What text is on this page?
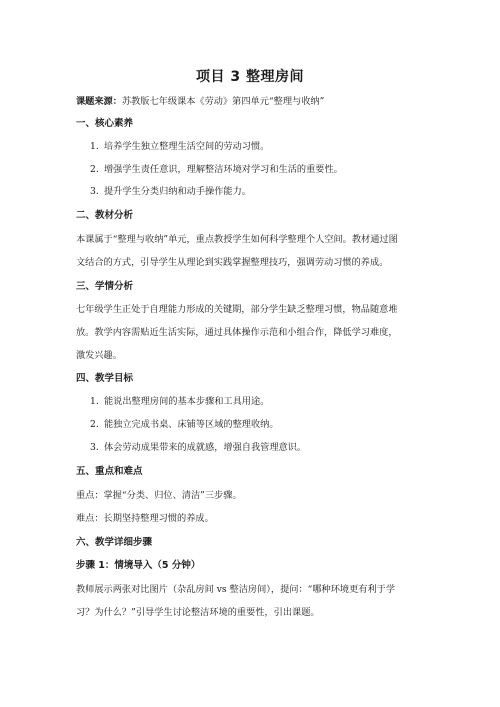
项目 3 整理房间
课题来源：苏教版七年级课本《劳动》第四单元“整理与收纳”
一、核心素养
1. 培养学生独立整理生活空间的劳动习惯。
2. 增强学生责任意识，理解整洁环境对学习和生活的重要性。
3. 提升学生分类归纳和动手操作能力。
二、教材分析
本课属于“整理与收纳”单元，重点教授学生如何科学整理个人空间。教材通过图
文结合的方式，引导学生从理论到实践掌握整理技巧，强调劳动习惯的养成。
三、学情分析
七年级学生正处于自理能力形成的关键期，部分学生缺乏整理习惯，物品随意堆
放。教学内容需贴近生活实际，通过具体操作示范和小组合作，降低学习难度，
激发兴趣。
四、教学目标
1. 能说出整理房间的基本步骤和工具用途。
2. 能独立完成书桌、床铺等区域的整理收纳。
3. 体会劳动成果带来的成就感，增强自我管理意识。
五、重点和难点
重点：掌握“分类、归位、清洁”三步骤。
难点：长期坚持整理习惯的养成。
六、教学详细步骤
步骤 1：情境导入（5 分钟）
教师展示两张对比图片（杂乱房间 vs 整洁房间），提问：“哪种环境更有利于学
习？为什么？”引导学生讨论整洁环境的重要性，引出课题。
